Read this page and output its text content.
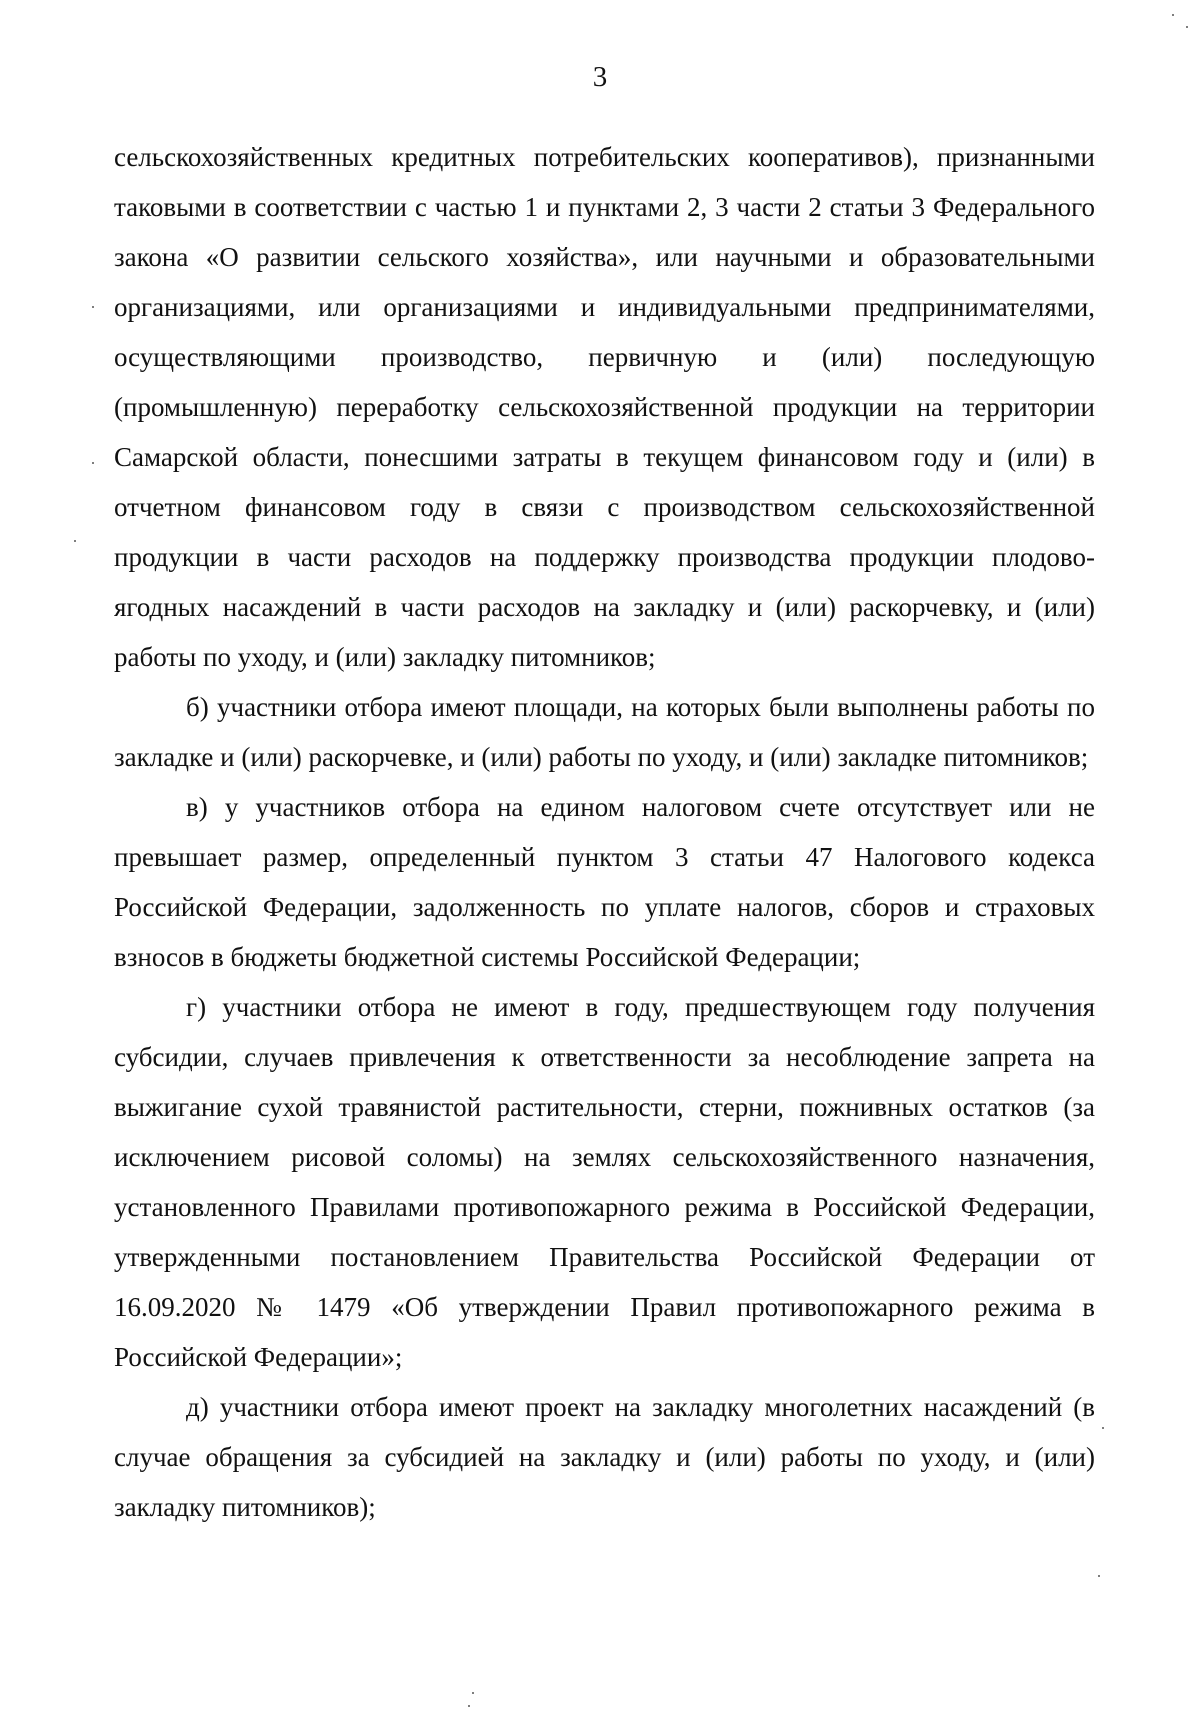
3

сельскохозяйственных кредитных потребительских кооперативов), признанными таковыми в соответствии с частью 1 и пунктами 2, 3 части 2 статьи 3 Федерального закона «О развитии сельского хозяйства», или научными и образовательными организациями, или организациями и индивидуальными предпринимателями, осуществляющими производство, первичную и (или) последующую (промышленную) переработку сельскохозяйственной продукции на территории Самарской области, понесшими затраты в текущем финансовом году и (или) в отчетном финансовом году в связи с производством сельскохозяйственной продукции в части расходов на поддержку производства продукции плодово-ягодных насаждений в части расходов на закладку и (или) раскорчевку, и (или) работы по уходу, и (или) закладку питомников;

б) участники отбора имеют площади, на которых были выполнены работы по закладке и (или) раскорчевке, и (или) работы по уходу, и (или) закладке питомников;

в) у участников отбора на едином налоговом счете отсутствует или не превышает размер, определенный пунктом 3 статьи 47 Налогового кодекса Российской Федерации, задолженность по уплате налогов, сборов и страховых взносов в бюджеты бюджетной системы Российской Федерации;

г) участники отбора не имеют в году, предшествующем году получения субсидии, случаев привлечения к ответственности за несоблюдение запрета на выжигание сухой травянистой растительности, стерни, пожнивных остатков (за исключением рисовой соломы) на землях сельскохозяйственного назначения, установленного Правилами противопожарного режима в Российской Федерации, утвержденными постановлением Правительства Российской Федерации от 16.09.2020 № 1479 «Об утверждении Правил противопожарного режима в Российской Федерации»;

д) участники отбора имеют проект на закладку многолетних насаждений (в случае обращения за субсидией на закладку и (или) работы по уходу, и (или) закладку питомников);
